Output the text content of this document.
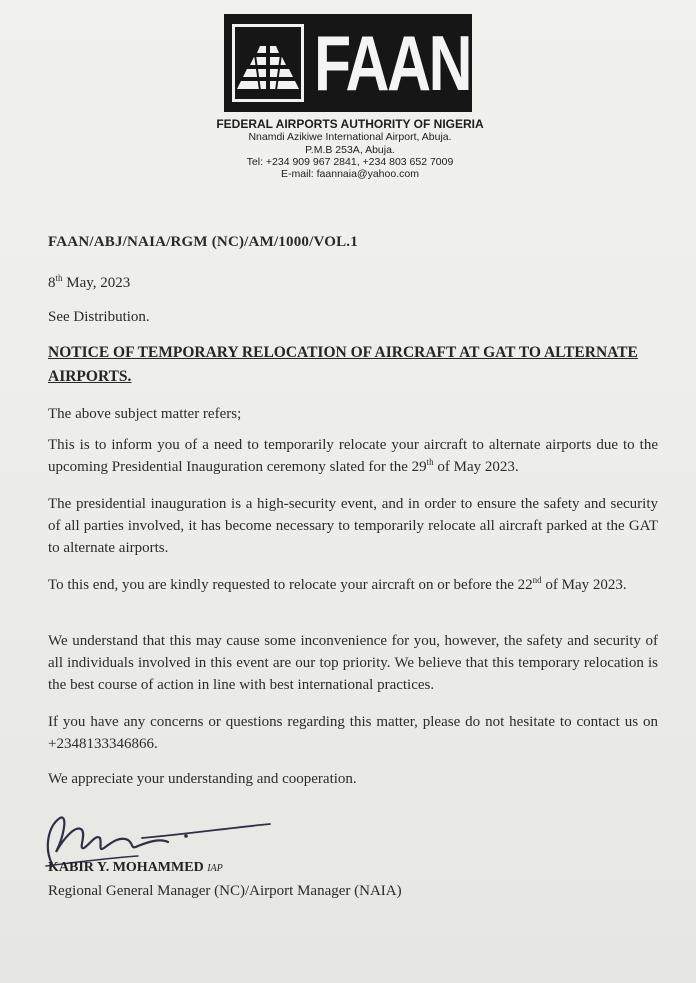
FAAN
FEDERAL AIRPORTS AUTHORITY OF NIGERIA
Nnamdi Azikiwe International Airport, Abuja.
P.M.B 253A, Abuja.
Tel: +234 909 967 2841, +234 803 652 7009
E-mail: faannaia@yahoo.com
FAAN/ABJ/NAIA/RGM (NC)/AM/1000/VOL.1
8th May, 2023
See Distribution.
NOTICE OF TEMPORARY RELOCATION OF AIRCRAFT AT GAT TO ALTERNATE AIRPORTS.
The above subject matter refers;
This is to inform you of a need to temporarily relocate your aircraft to alternate airports due to the upcoming Presidential Inauguration ceremony slated for the 29th of May 2023.
The presidential inauguration is a high-security event, and in order to ensure the safety and security of all parties involved, it has become necessary to temporarily relocate all aircraft parked at the GAT to alternate airports.
To this end, you are kindly requested to relocate your aircraft on or before the 22nd of May 2023.
We understand that this may cause some inconvenience for you, however, the safety and security of all individuals involved in this event are our top priority. We believe that this temporary relocation is the best course of action in line with best international practices.
If you have any concerns or questions regarding this matter, please do not hesitate to contact us on +2348133346866.
We appreciate your understanding and cooperation.
KABIR Y. MOHAMMED IAP
Regional General Manager (NC)/Airport Manager (NAIA)
